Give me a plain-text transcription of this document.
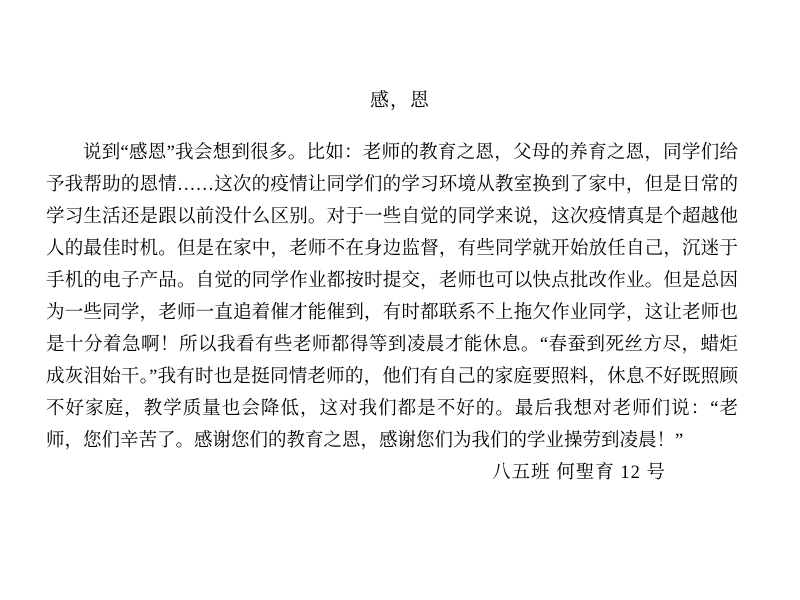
感，恩

说到“感恩”我会想到很多。比如：老师的教育之恩，父母的养育之恩，同学们给予我帮助的恩情……这次的疫情让同学们的学习环境从教室换到了家中，但是日常的学习生活还是跟以前没什么区别。对于一些自觉的同学来说，这次疫情真是个超越他人的最佳时机。但是在家中，老师不在身边监督，有些同学就开始放任自己，沉迷于手机的电子产品。自觉的同学作业都按时提交，老师也可以快点批改作业。但是总因为一些同学，老师一直追着催才能催到，有时都联系不上拖欠作业同学，这让老师也是十分着急啊！所以我看有些老师都得等到凌晨才能休息。“春蚕到死丝方尽，蜡炬成灰泪始干。”我有时也是挺同情老师的，他们有自己的家庭要照料，休息不好既照顾不好家庭，教学质量也会降低，这对我们都是不好的。最后我想对老师们说：“老师，您们辛苦了。感谢您们的教育之恩，感谢您们为我们的学业操劳到凌晨！”

八五班 何聖育 12 号
